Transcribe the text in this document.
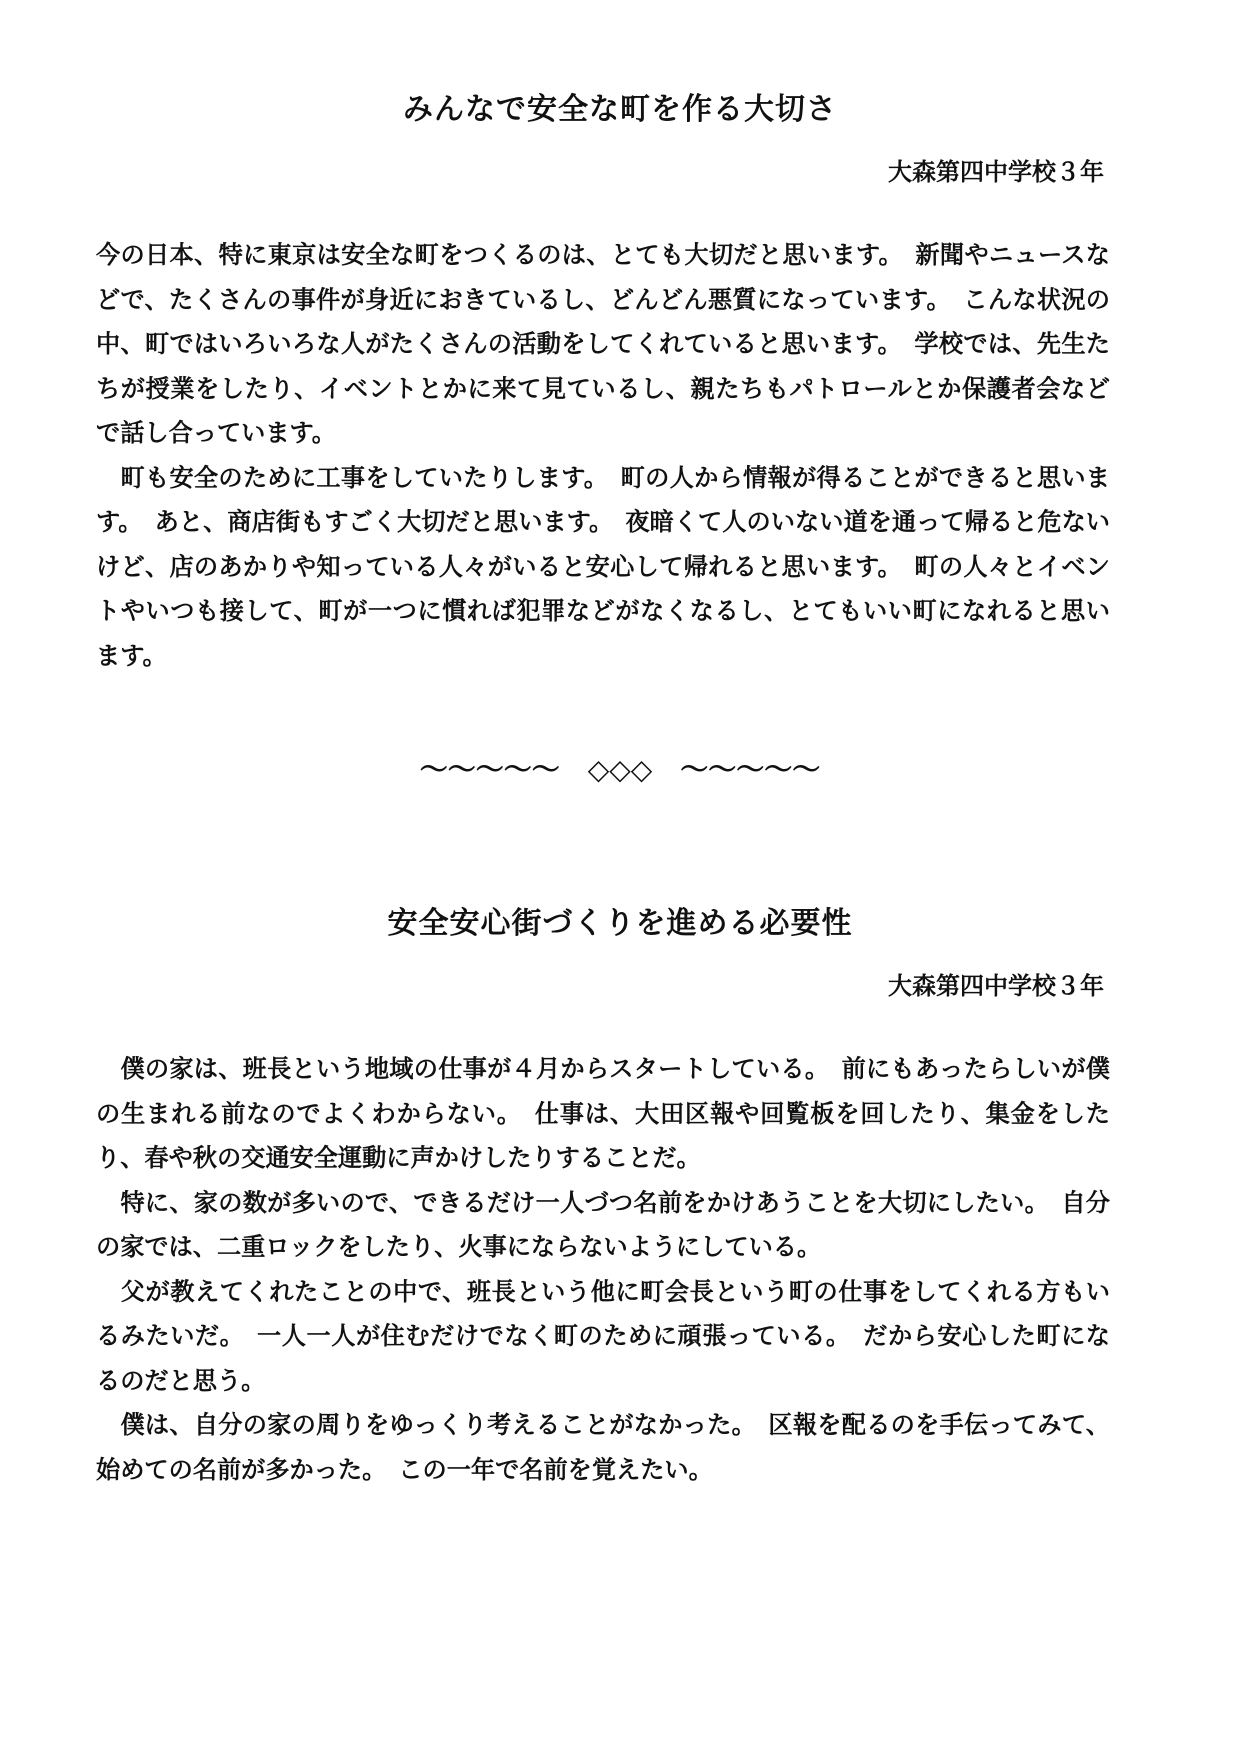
みんなで安全な町を作る大切さ
大森第四中学校３年

今の日本、特に東京は安全な町をつくるのは、とても大切だと思います。　新聞やニュースなどで、たくさんの事件が身近におきているし、どんどん悪質になっています。　こんな状況の中、町ではいろいろな人がたくさんの活動をしてくれていると思います。　学校では、先生たちが授業をしたり、イベントとかに来て見ているし、親たちもパトロールとか保護者会などで話し合っています。

　町も安全のために工事をしていたりします。　町の人から情報が得ることができると思います。　あと、商店街もすごく大切だと思います。　夜暗くて人のいない道を通って帰ると危ないけど、店のあかりや知っている人々がいると安心して帰れると思います。　町の人々とイベントやいつも接して、町が一つに慣れば犯罪などがなくなるし、とてもいい町になれると思います。

～～～～～　◇◇◇　～～～～～
安全安心街づくりを進める必要性
大森第四中学校３年

　僕の家は、班長という地域の仕事が４月からスタートしている。　前にもあったらしいが僕の生まれる前なのでよくわからない。　仕事は、大田区報や回覧板を回したり、集金をしたり、春や秋の交通安全運動に声かけしたりすることだ。

　特に、家の数が多いので、できるだけ一人づつ名前をかけあうことを大切にしたい。　自分の家では、二重ロックをしたり、火事にならないようにしている。

　父が教えてくれたことの中で、班長という他に町会長という町の仕事をしてくれる方もいるみたいだ。　一人一人が住むだけでなく町のために頑張っている。　だから安心した町になるのだと思う。

　僕は、自分の家の周りをゆっくり考えることがなかった。　区報を配るのを手伝ってみて、始めての名前が多かった。　この一年で名前を覚えたい。
